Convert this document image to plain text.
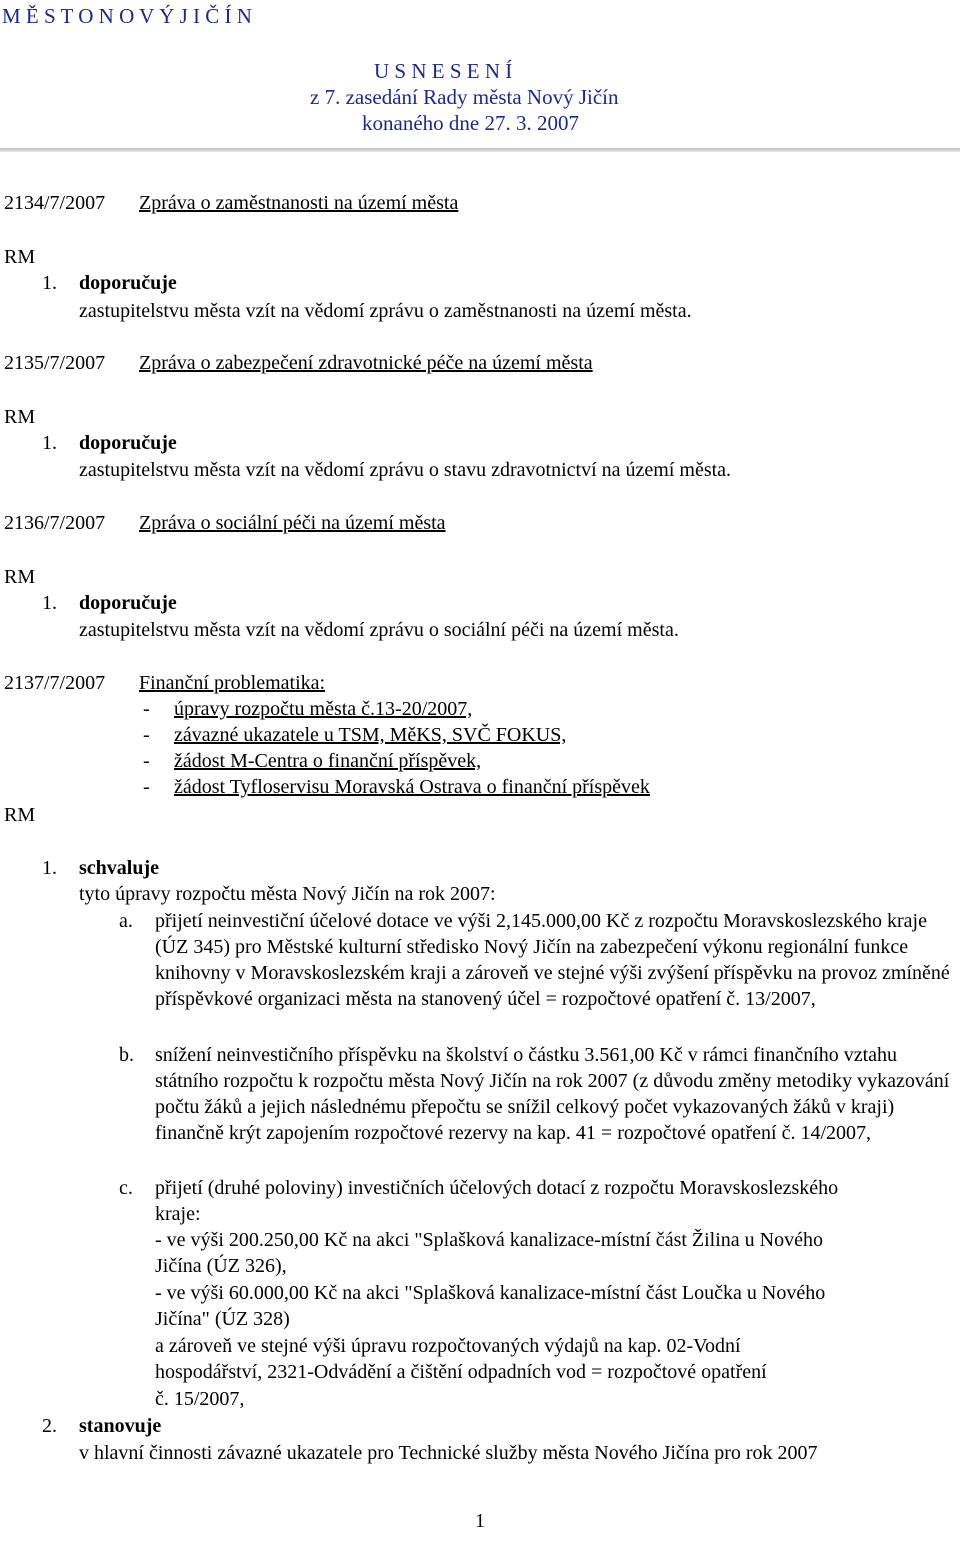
M Ě S T O N O V Ý J I Č Í N
U S N E S E N Í
z 7. zasedání Rady města Nový Jičín
konaného dne 27. 3. 2007
2134/7/2007 Zpráva o zaměstnanosti na území města
RM
1. doporučuje
zastupitelstvu města vzít na vědomí zprávu o zaměstnanosti na území města.
2135/7/2007 Zpráva o zabezpečení zdravotnické péče na území města
RM
1. doporučuje
zastupitelstvu města vzít na vědomí zprávu o stavu zdravotnictví na území města.
2136/7/2007 Zpráva o sociální péči na území města
RM
1. doporučuje
zastupitelstvu města vzít na vědomí zprávu o sociální péči na území města.
2137/7/2007 Finanční problematika:
- úpravy rozpočtu města č.13-20/2007,
- závazné ukazatele u TSM, MěKS, SVČ FOKUS,
- žádost M-Centra o finanční příspěvek,
- žádost Tyfloservisu Moravská Ostrava o finanční příspěvek
RM
1. schvaluje
tyto úpravy rozpočtu města Nový Jičín na rok 2007:
a. přijetí neinvestiční účelové dotace ve výši 2,145.000,00 Kč z rozpočtu Moravskoslezského kraje (ÚZ 345) pro Městské kulturní středisko Nový Jičín na zabezpečení výkonu regionální funkce knihovny v Moravskoslezském kraji a zároveň ve stejné výši zvýšení příspěvku na provoz zmíněné příspěvkové organizaci města na stanovený účel = rozpočtové opatření č. 13/2007,
b. snížení neinvestičního příspěvku na školství o částku 3.561,00 Kč v rámci finančního vztahu státního rozpočtu k rozpočtu města Nový Jičín na rok 2007 (z důvodu změny metodiky vykazování počtu žáků a jejich následnému přepočtu se snížil celkový počet vykazovaných žáků v kraji) finančně krýt zapojením rozpočtové rezervy na kap. 41 = rozpočtové opatření č. 14/2007,
c. přijetí (druhé poloviny) investičních účelových dotací z rozpočtu Moravskoslezského
kraje:
- ve výši 200.250,00 Kč na akci "Splašková kanalizace-místní část Žilina u Nového
Jičína (ÚZ 326),
- ve výši 60.000,00 Kč na akci "Splašková kanalizace-místní část Loučka u Nového
Jičína" (ÚZ 328)
a zároveň ve stejné výši úpravu rozpočtovaných výdajů na kap. 02-Vodní
hospodářství, 2321-Odvádění a čištění odpadních vod = rozpočtové opatření
č. 15/2007,
2. stanovuje
v hlavní činnosti závazné ukazatele pro Technické služby města Nového Jičína pro rok 2007
1
